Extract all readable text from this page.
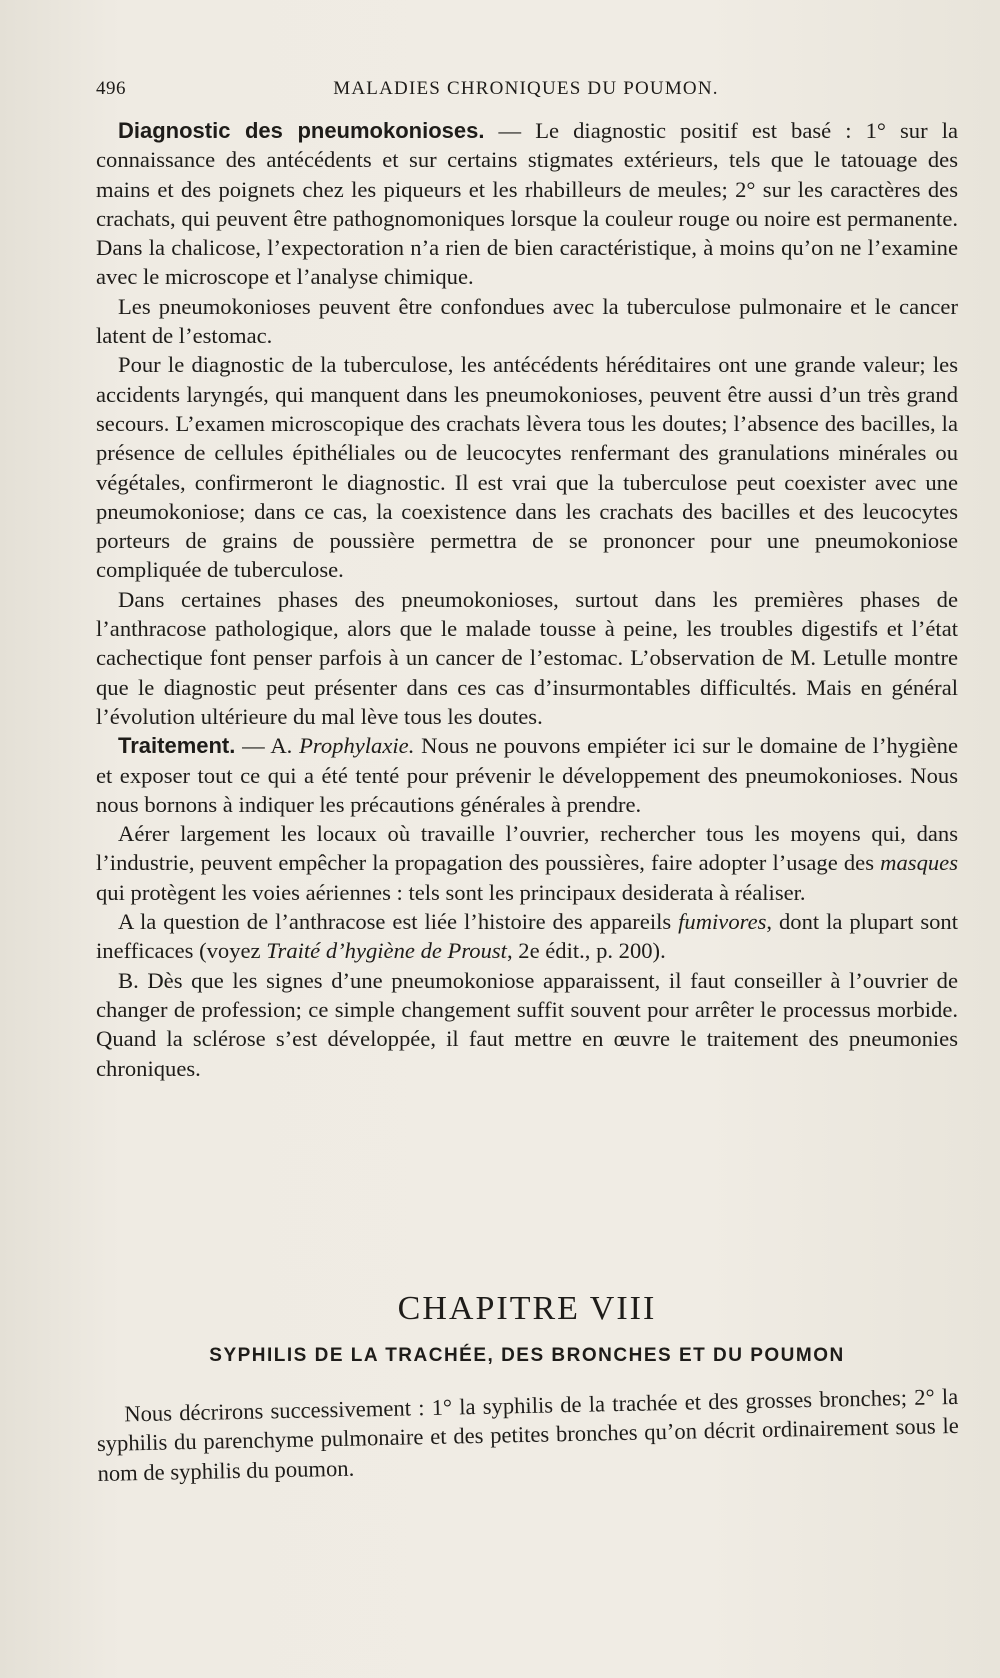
496	MALADIES CHRONIQUES DU POUMON.

Diagnostic des pneumokonioses. — Le diagnostic positif est basé : 1° sur la connaissance des antécédents et sur certains stigmates extérieurs, tels que le tatouage des mains et des poignets chez les piqueurs et les rhabilleurs de meules; 2° sur les caractères des crachats, qui peuvent être pathognomoniques lorsque la couleur rouge ou noire est permanente. Dans la chalicose, l’expectoration n’a rien de bien caractéristique, à moins qu’on ne l’examine avec le microscope et l’analyse chimique.

Les pneumokonioses peuvent être confondues avec la tuberculose pulmonaire et le cancer latent de l’estomac.

Pour le diagnostic de la tuberculose, les antécédents héréditaires ont une grande valeur; les accidents laryngés, qui manquent dans les pneumokonioses, peuvent être aussi d’un très grand secours. L’examen microscopique des crachats lèvera tous les doutes; l’absence des bacilles, la présence de cellules épithéliales ou de leucocytes renfermant des granulations minérales ou végétales, confirmeront le diagnostic. Il est vrai que la tuberculose peut coexister avec une pneumokoniose; dans ce cas, la coexistence dans les crachats des bacilles et des leucocytes porteurs de grains de poussière permettra de se prononcer pour une pneumokoniose compliquée de tuberculose.

Dans certaines phases des pneumokonioses, surtout dans les premières phases de l’anthracose pathologique, alors que le malade tousse à peine, les troubles digestifs et l’état cachectique font penser parfois à un cancer de l’estomac. L’observation de M. Letulle montre que le diagnostic peut présenter dans ces cas d’insurmontables difficultés. Mais en général l’évolution ultérieure du mal lève tous les doutes.

Traitement. — A. Prophylaxie. Nous ne pouvons empiéter ici sur le domaine de l’hygiène et exposer tout ce qui a été tenté pour prévenir le développement des pneumokonioses. Nous nous bornons à indiquer les précautions générales à prendre.

Aérer largement les locaux où travaille l’ouvrier, rechercher tous les moyens qui, dans l’industrie, peuvent empêcher la propagation des poussières, faire adopter l’usage des masques qui protègent les voies aériennes : tels sont les principaux desiderata à réaliser.

A la question de l’anthracose est liée l’histoire des appareils fumivores, dont la plupart sont inefficaces (voyez Traité d’hygiène de Proust, 2e édit., p. 200).

B. Dès que les signes d’une pneumokoniose apparaissent, il faut conseiller à l’ouvrier de changer de profession; ce simple changement suffit souvent pour arrêter le processus morbide. Quand la sclérose s’est développée, il faut mettre en œuvre le traitement des pneumonies chroniques.

CHAPITRE VIII
SYPHILIS DE LA TRACHÉE, DES BRONCHES ET DU POUMON

Nous décrirons successivement : 1° la syphilis de la trachée et des grosses bronches; 2° la syphilis du parenchyme pulmonaire et des petites bronches qu’on décrit ordinairement sous le nom de syphilis du poumon.
